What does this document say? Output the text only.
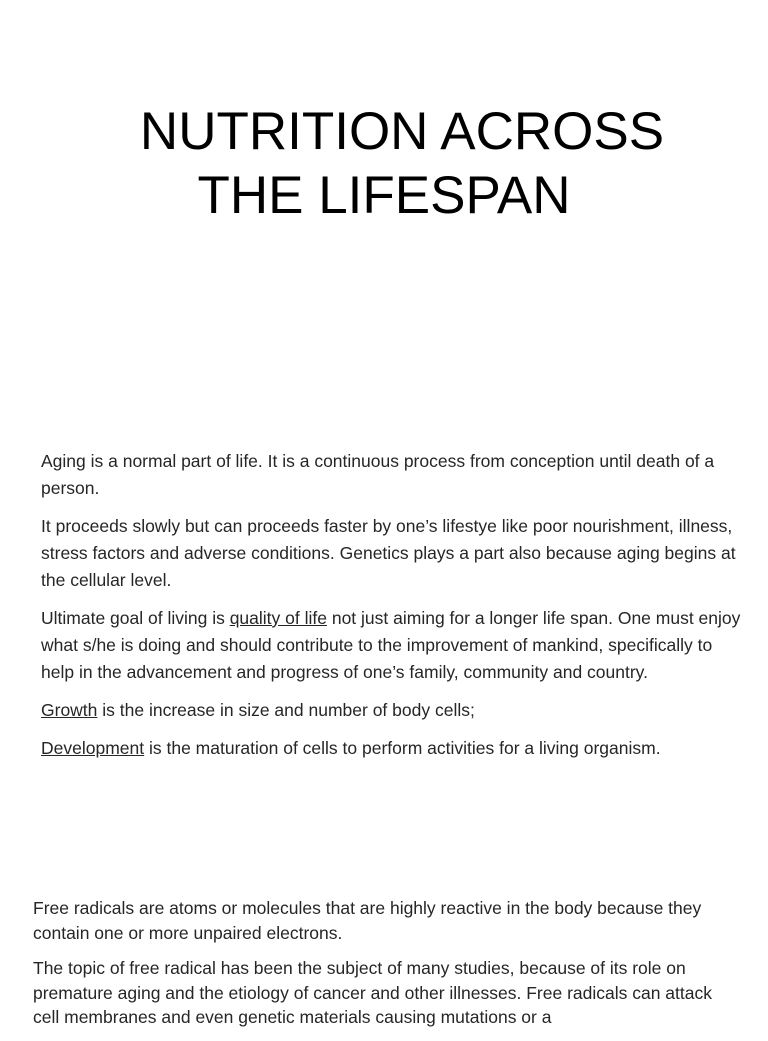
NUTRITION ACROSS
THE LIFESPAN

Aging is a normal part of life. It is a continuous process from conception until death of a person.

It proceeds slowly but can proceeds faster by one’s lifestye like poor nourishment, illness, stress factors and adverse conditions. Genetics plays a part also because aging begins at the cellular level.

Ultimate goal of living is quality of life not just aiming for a longer life span. One must enjoy what s/he is doing and should contribute to the improvement of mankind, specifically to help in the advancement and progress of one’s family, community and country.

Growth is the increase in size and number of body cells;

Development is the maturation of cells to perform activities for a living organism.

Free radicals are atoms or molecules that are highly reactive in the body because they contain one or more unpaired electrons.

The topic of free radical has been the subject of many studies, because of its role on premature aging and the etiology of cancer and other illnesses. Free radicals can attack cell membranes and even genetic materials causing mutations or a
